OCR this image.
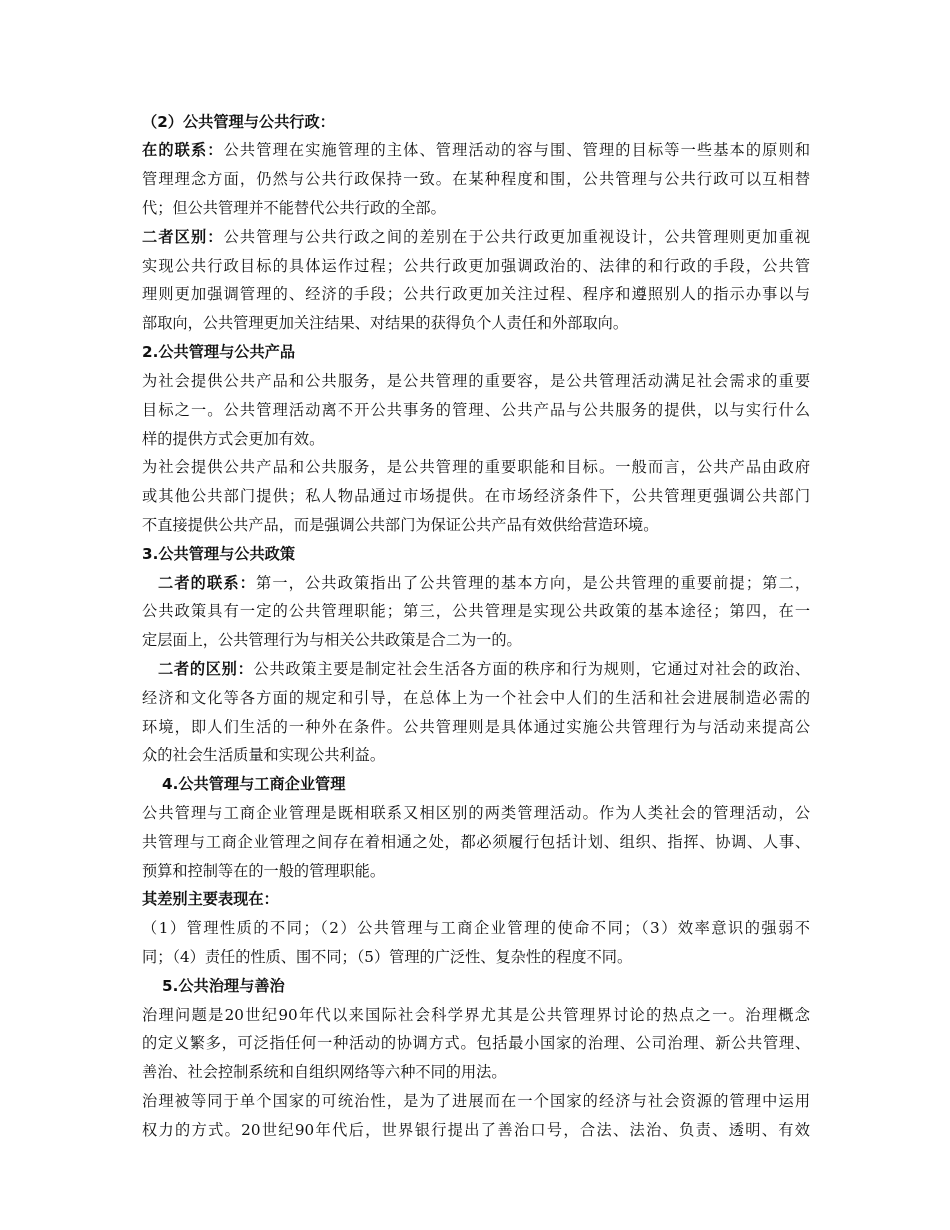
（2）公共管理与公共行政：
在的联系：公共管理在实施管理的主体、管理活动的容与围、管理的目标等一些基本的原则和
管理理念方面，仍然与公共行政保持一致。在某种程度和围，公共管理与公共行政可以互相替
代；但公共管理并不能替代公共行政的全部。
二者区别：公共管理与公共行政之间的差别在于公共行政更加重视设计，公共管理则更加重视
实现公共行政目标的具体运作过程；公共行政更加强调政治的、法律的和行政的手段，公共管
理则更加强调管理的、经济的手段；公共行政更加关注过程、程序和遵照别人的指示办事以与
部取向，公共管理更加关注结果、对结果的获得负个人责任和外部取向。
2.公共管理与公共产品
为社会提供公共产品和公共服务，是公共管理的重要容，是公共管理活动满足社会需求的重要
目标之一。公共管理活动离不开公共事务的管理、公共产品与公共服务的提供，以与实行什么
样的提供方式会更加有效。
为社会提供公共产品和公共服务，是公共管理的重要职能和目标。一般而言，公共产品由政府
或其他公共部门提供；私人物品通过市场提供。在市场经济条件下，公共管理更强调公共部门
不直接提供公共产品，而是强调公共部门为保证公共产品有效供给营造环境。
3.公共管理与公共政策
二者的联系：第一，公共政策指出了公共管理的基本方向，是公共管理的重要前提；第二，
公共政策具有一定的公共管理职能；第三，公共管理是实现公共政策的基本途径；第四，在一
定层面上，公共管理行为与相关公共政策是合二为一的。
二者的区别：公共政策主要是制定社会生活各方面的秩序和行为规则，它通过对社会的政治、
经济和文化等各方面的规定和引导，在总体上为一个社会中人们的生活和社会进展制造必需的
环境，即人们生活的一种外在条件。公共管理则是具体通过实施公共管理行为与活动来提高公
众的社会生活质量和实现公共利益。
4.公共管理与工商企业管理
公共管理与工商企业管理是既相联系又相区别的两类管理活动。作为人类社会的管理活动，公
共管理与工商企业管理之间存在着相通之处，都必须履行包括计划、组织、指挥、协调、人事、
预算和控制等在的一般的管理职能。
其差别主要表现在：
（1）管理性质的不同；（2）公共管理与工商企业管理的使命不同；（3）效率意识的强弱不
同；（4）责任的性质、围不同；（5）管理的广泛性、复杂性的程度不同。
5.公共治理与善治
治理问题是20世纪90年代以来国际社会科学界尤其是公共管理界讨论的热点之一。治理概念
的定义繁多，可泛指任何一种活动的协调方式。包括最小国家的治理、公司治理、新公共管理、
善治、社会控制系统和自组织网络等六种不同的用法。
治理被等同于单个国家的可统治性，是为了进展而在一个国家的经济与社会资源的管理中运用
权力的方式。20世纪90年代后，世界银行提出了善治口号，合法、法治、负责、透明、有效
